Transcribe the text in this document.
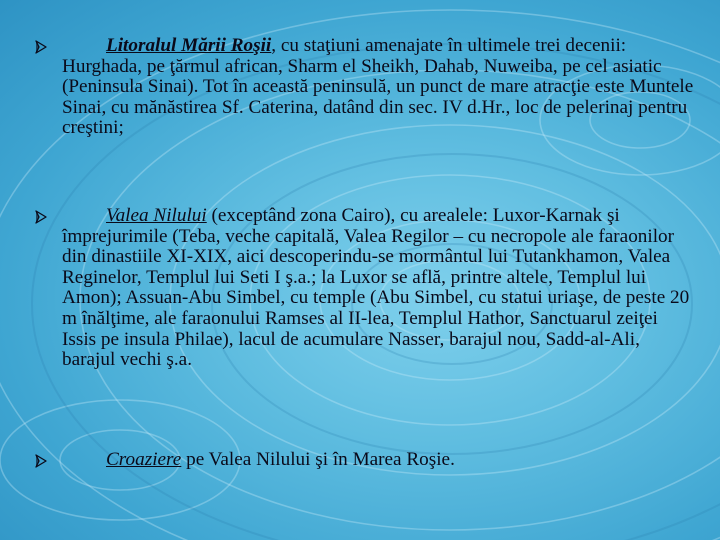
Litoralul Mării Roşii, cu staţiuni amenajate în ultimele trei decenii: Hurghada, pe ţărmul african, Sharm el Sheikh, Dahab, Nuweiba, pe cel asiatic (Peninsula Sinai). Tot în această peninsulă, un punct de mare atracţie este Muntele Sinai, cu mănăstirea Sf. Caterina, datând din sec. IV d.Hr., loc de pelerinaj pentru creştini;
Valea Nilului (exceptând zona Cairo), cu arealele: Luxor-Karnak şi împrejurimile (Teba, veche capitală, Valea Regilor – cu necropole ale faraonilor din dinastiile XI-XIX, aici descoperindu-se mormântul lui Tutankhamon, Valea Reginelor, Templul lui Seti I ş.a.; la Luxor se află, printre altele, Templul lui Amon); Assuan-Abu Simbel, cu temple (Abu Simbel, cu statui uriaşe, de peste 20 m înălţime, ale faraonului Ramses al II-lea, Templul Hathor, Sanctuarul zeiţei Issis pe insula Philae), lacul de acumulare Nasser, barajul nou, Sadd-al-Ali, barajul vechi ş.a.
Croaziere pe Valea Nilului şi în Marea Roşie.
